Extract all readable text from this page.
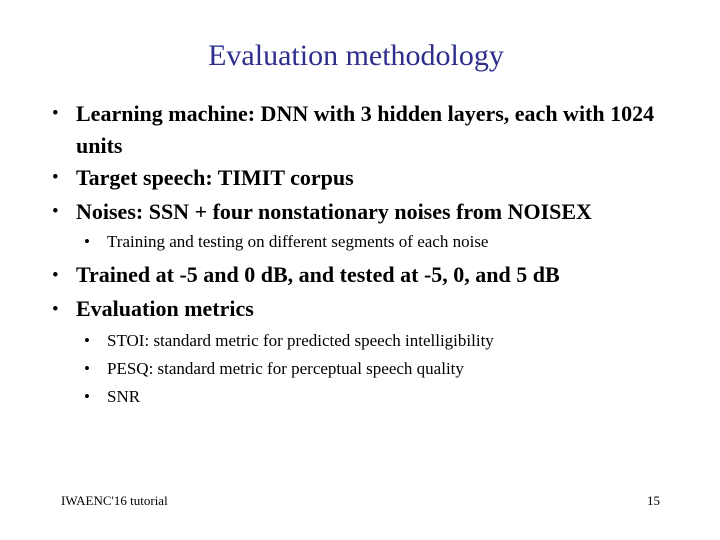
Evaluation methodology
• Learning machine: DNN with 3 hidden layers, each with 1024 units
• Target speech: TIMIT corpus
• Noises: SSN + four nonstationary noises from NOISEX
• Training and testing on different segments of each noise
• Trained at -5 and 0 dB, and tested at -5, 0, and 5 dB
• Evaluation metrics
• STOI: standard metric for predicted speech intelligibility
• PESQ: standard metric for perceptual speech quality
• SNR
IWAENC'16 tutorial	15
